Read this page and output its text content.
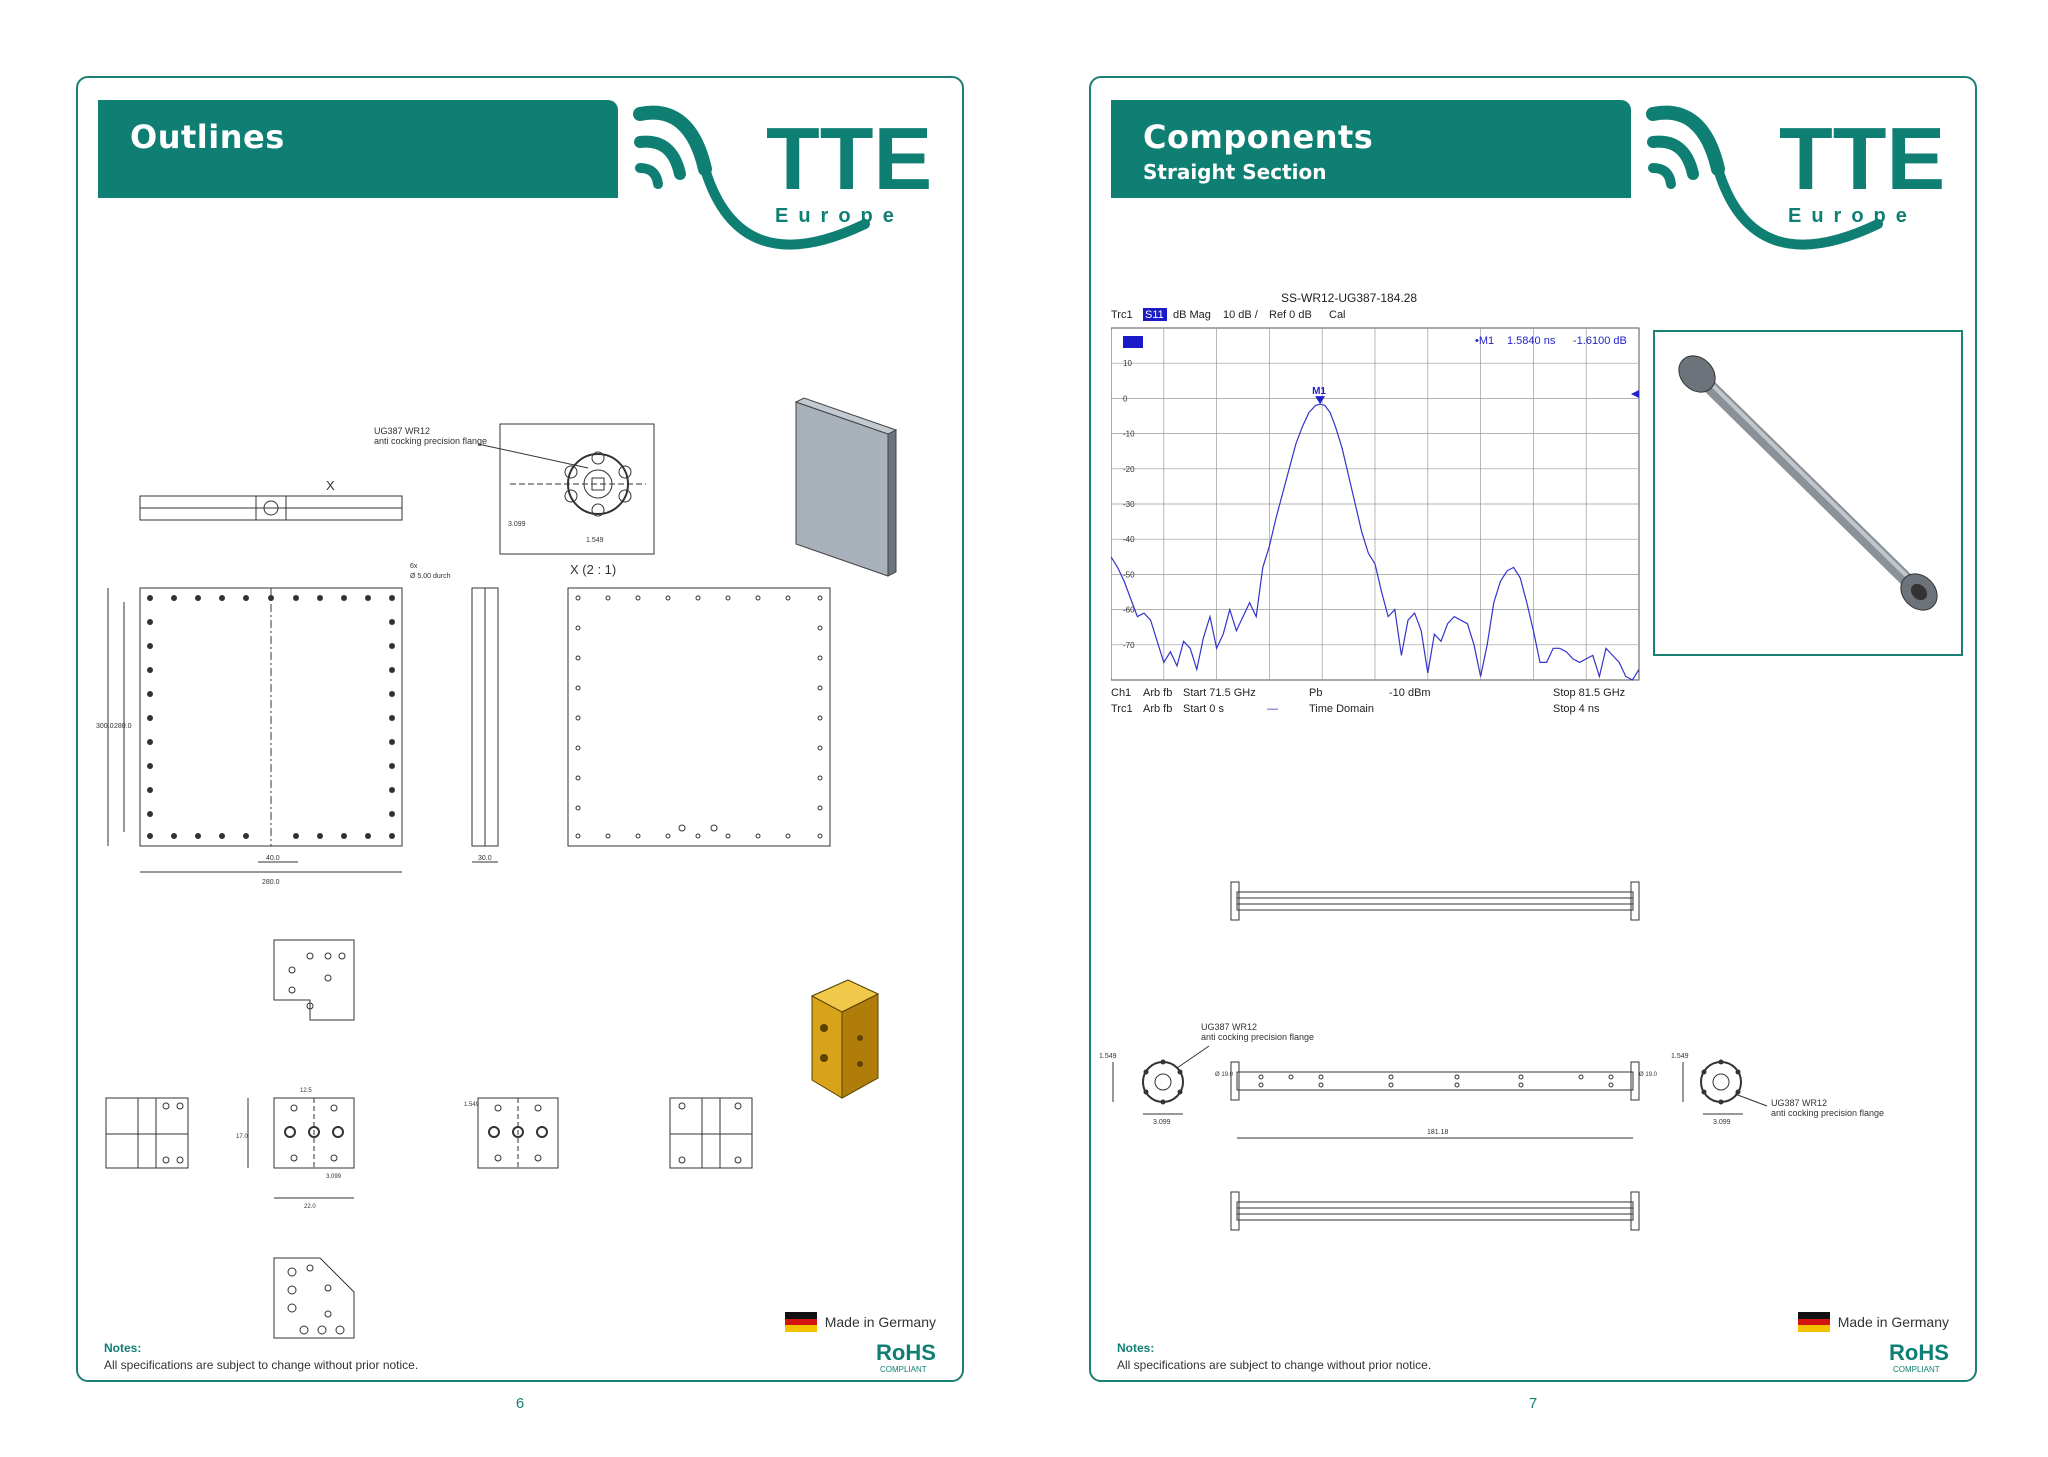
Outlines	TTE
Europe
UG387 WR12
anti cocking precision flange
X
X (2 : 1)
6x
Ø 5.00 durch
3.099
1.549
300.0 280.0
40.0
280.0
30.0
12.5
17.0
22.0
3.099
1.549
Made in Germany
Notes:
All specifications are subject to change without prior notice.	RoHS
COMPLIANT
6
Components
Straight Section	TTE
Europe
SS-WR12-UG387-184.28
Trc1 S11 dB Mag 10 dB / Ref 0 dB Cal
10
0
-10
-20
-30
-40
-50
-60
-70
M1
•M1 1.5840 ns -1.6100 dB
Ch1 Arb fb Start 71.5 GHz	Pb	-10 dBm	Stop 81.5 GHz
Trc1 Arb fb Start 0 s	—	Time Domain	Stop 4 ns
UG387 WR12
anti cocking precision flange
UG387 WR12
anti cocking precision flange
181.18
3.099	3.099
1.549	1.549
Ø 19.0	Ø 19.0
Made in Germany
Notes:
All specifications are subject to change without prior notice.	RoHS
COMPLIANT
7
